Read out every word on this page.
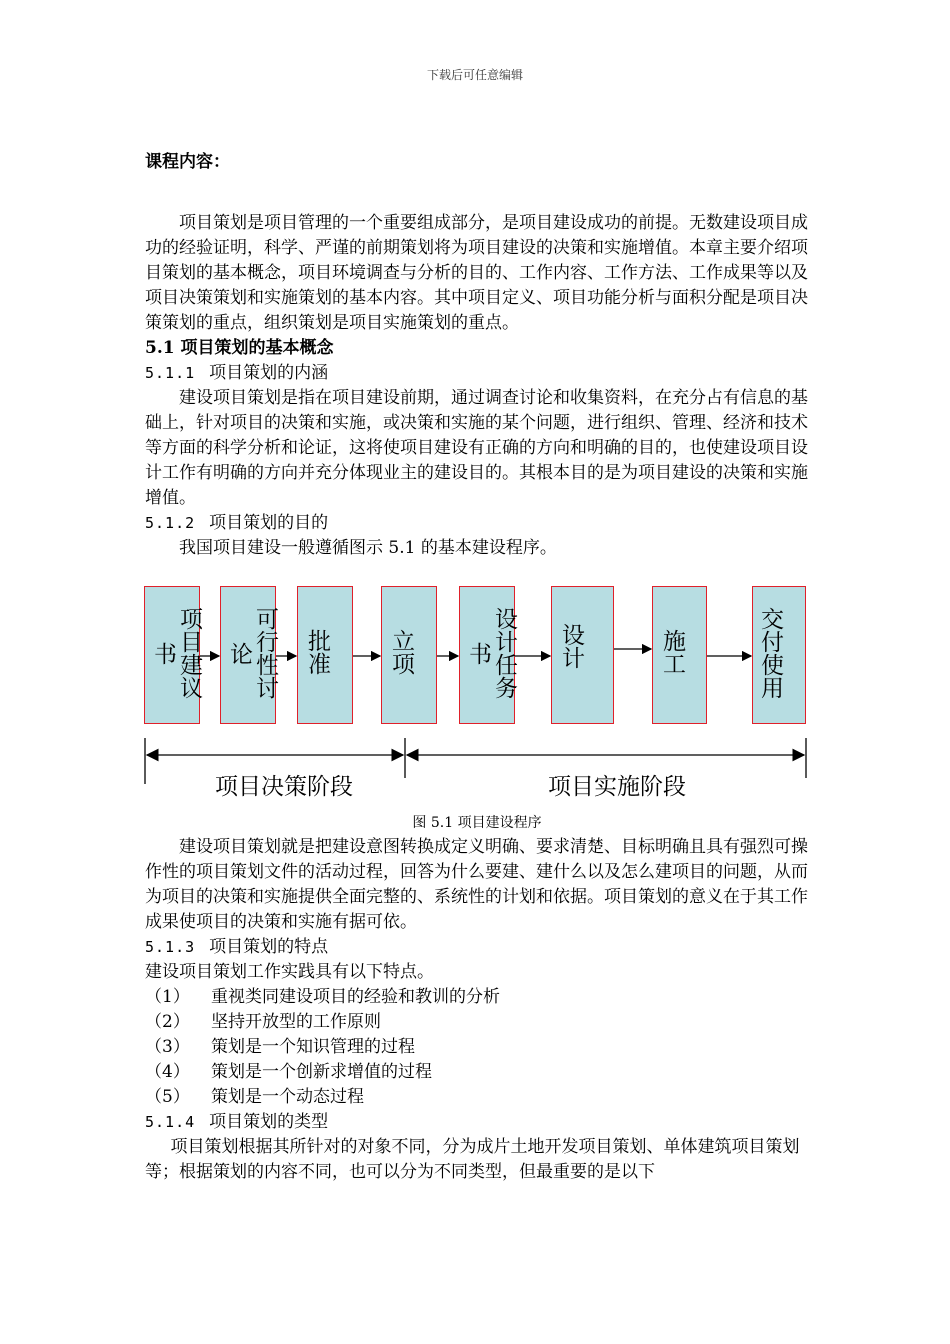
下载后可任意编辑

课程内容：

项目策划是项目管理的一个重要组成部分，是项目建设成功的前提。无数建设项目成功的经验证明，科学、严谨的前期策划将为项目建设的决策和实施增值。本章主要介绍项目策划的基本概念，项目环境调查与分析的目的、工作内容、工作方法、工作成果等以及项目决策策划和实施策划的基本内容。其中项目定义、项目功能分析与面积分配是项目决策策划的重点，组织策划是项目实施策划的重点。

5.1 项目策划的基本概念

5.1.1 项目策划的内涵

建设项目策划是指在项目建设前期，通过调查讨论和收集资料，在充分占有信息的基础上，针对项目的决策和实施，或决策和实施的某个问题，进行组织、管理、经济和技术等方面的科学分析和论证，这将使项目建设有正确的方向和明确的目的，也使建设项目设计工作有明确的方向并充分体现业主的建设目的。其根本目的是为项目建设的决策和实施增值。

5.1.2 项目策划的目的

我国项目建设一般遵循图示 5.1 的基本建设程序。

图 5.1 项目建设程序

建设项目策划就是把建设意图转换成定义明确、要求清楚、目标明确且具有强烈可操作性的项目策划文件的活动过程，回答为什么要建、建什么以及怎么建项目的问题，从而为项目的决策和实施提供全面完整的、系统性的计划和依据。项目策划的意义在于其工作成果使项目的决策和实施有据可依。

5.1.3 项目策划的特点

建设项目策划工作实践具有以下特点。

（1）	重视类同建设项目的经验和教训的分析
（2）	坚持开放型的工作原则
（3）	策划是一个知识管理的过程
（4）	策划是一个创新求增值的过程
（5）	策划是一个动态过程

5.1.4 项目策划的类型

项目策划根据其所针对的对象不同，分为成片土地开发项目策划、单体建筑项目策划等；根据策划的内容不同，也可以分为不同类型，但最重要的是以下

书 项目建议 论 可行性讨 批准	立项 书 设计任务 设计	施工	交付使用
项目决策阶段	项目实施阶段
